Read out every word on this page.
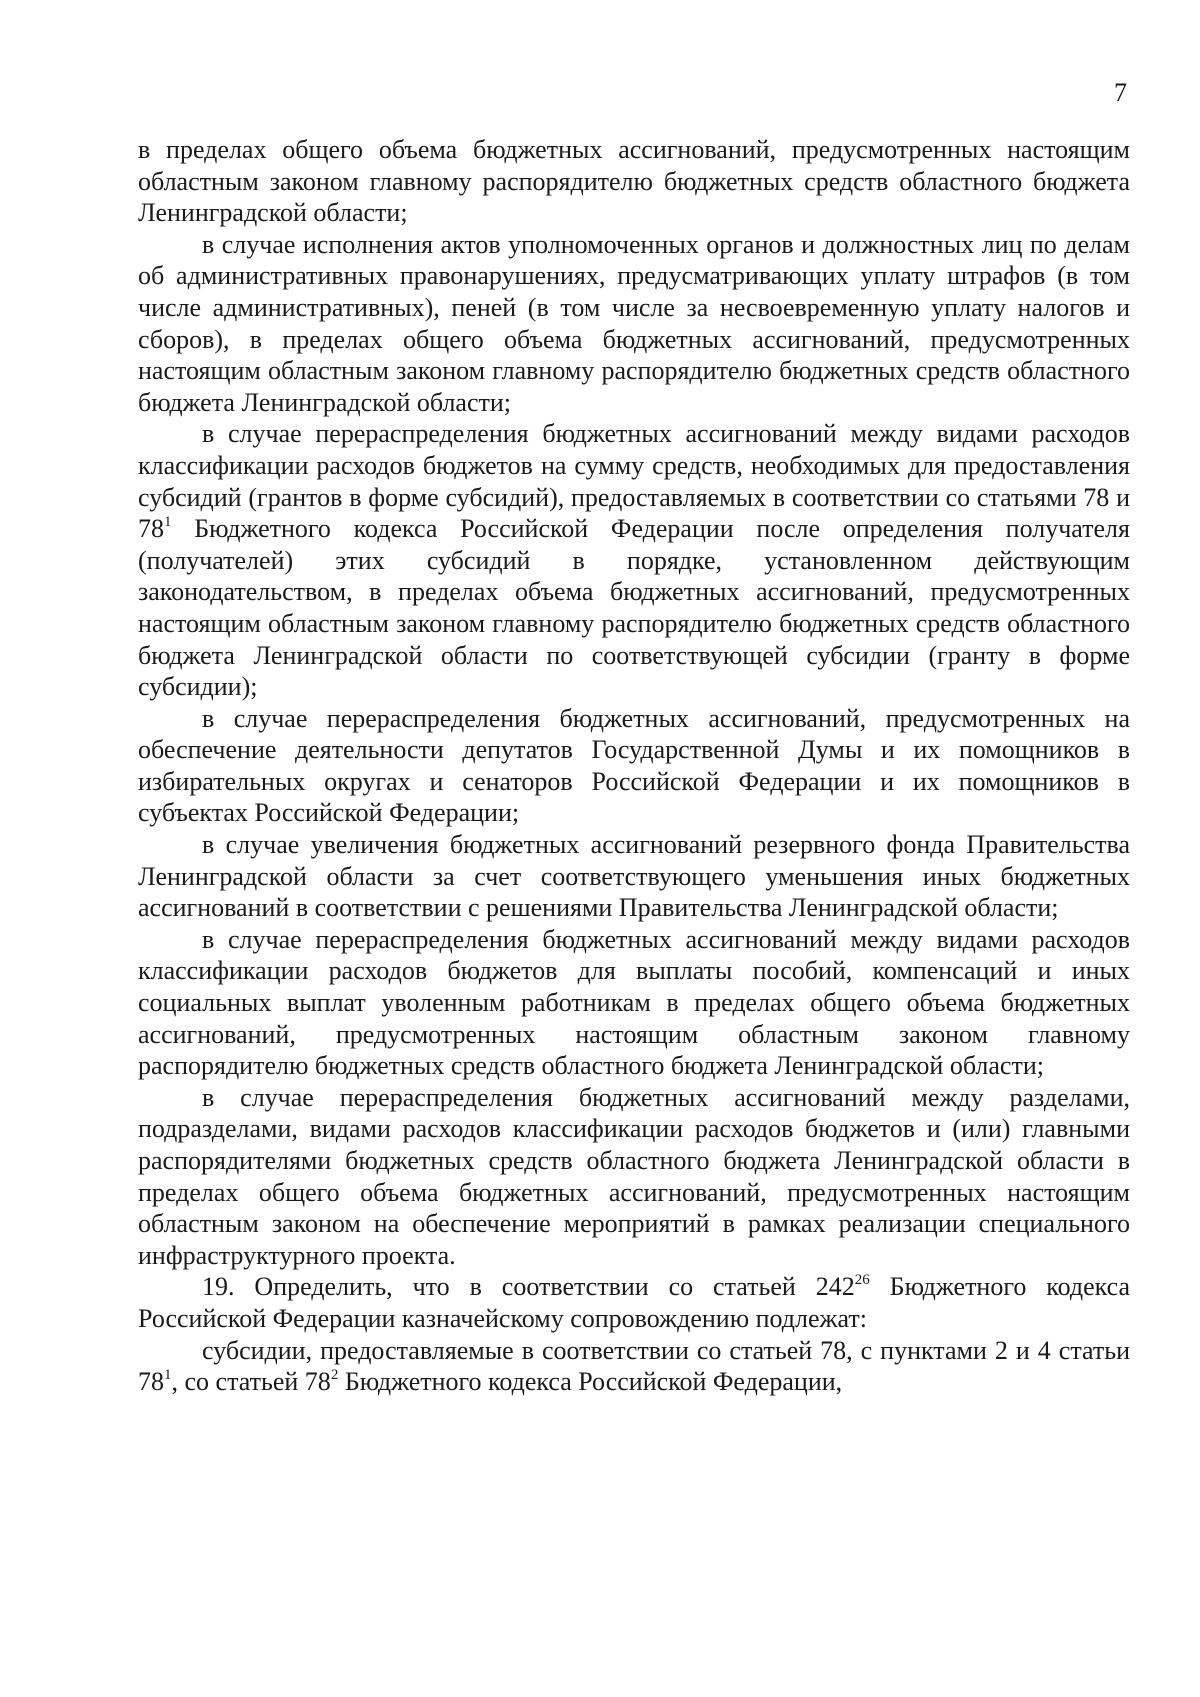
7

в пределах общего объема бюджетных ассигнований, предусмотренных настоящим областным законом главному распорядителю бюджетных средств областного бюджета Ленинградской области;

в случае исполнения актов уполномоченных органов и должностных лиц по делам об административных правонарушениях, предусматривающих уплату штрафов (в том числе административных), пеней (в том числе за несвоевременную уплату налогов и сборов), в пределах общего объема бюджетных ассигнований, предусмотренных настоящим областным законом главному распорядителю бюджетных средств областного бюджета Ленинградской области;

в случае перераспределения бюджетных ассигнований между видами расходов классификации расходов бюджетов на сумму средств, необходимых для предоставления субсидий (грантов в форме субсидий), предоставляемых в соответствии со статьями 78 и $78^1$ Бюджетного кодекса Российской Федерации после определения получателя (получателей) этих субсидий в порядке, установленном действующим законодательством, в пределах объема бюджетных ассигнований, предусмотренных настоящим областным законом главному распорядителю бюджетных средств областного бюджета Ленинградской области по соответствующей субсидии (гранту в форме субсидии);

в случае перераспределения бюджетных ассигнований, предусмотренных на обеспечение деятельности депутатов Государственной Думы и их помощников в избирательных округах и сенаторов Российской Федерации и их помощников в субъектах Российской Федерации;

в случае увеличения бюджетных ассигнований резервного фонда Правительства Ленинградской области за счет соответствующего уменьшения иных бюджетных ассигнований в соответствии с решениями Правительства Ленинградской области;

в случае перераспределения бюджетных ассигнований между видами расходов классификации расходов бюджетов для выплаты пособий, компенсаций и иных социальных выплат уволенным работникам в пределах общего объема бюджетных ассигнований, предусмотренных настоящим областным законом главному распорядителю бюджетных средств областного бюджета Ленинградской области;

в случае перераспределения бюджетных ассигнований между разделами, подразделами, видами расходов классификации расходов бюджетов и (или) главными распорядителями бюджетных средств областного бюджета Ленинградской области в пределах общего объема бюджетных ассигнований, предусмотренных настоящим областным законом на обеспечение мероприятий в рамках реализации специального инфраструктурного проекта.

19. Определить, что в соответствии со статьей $242^{26}$ Бюджетного кодекса Российской Федерации казначейскому сопровождению подлежат:

субсидии, предоставляемые в соответствии со статьей 78, с пунктами 2 и 4 статьи $78^1$, со статьей $78^2$ Бюджетного кодекса Российской Федерации,
